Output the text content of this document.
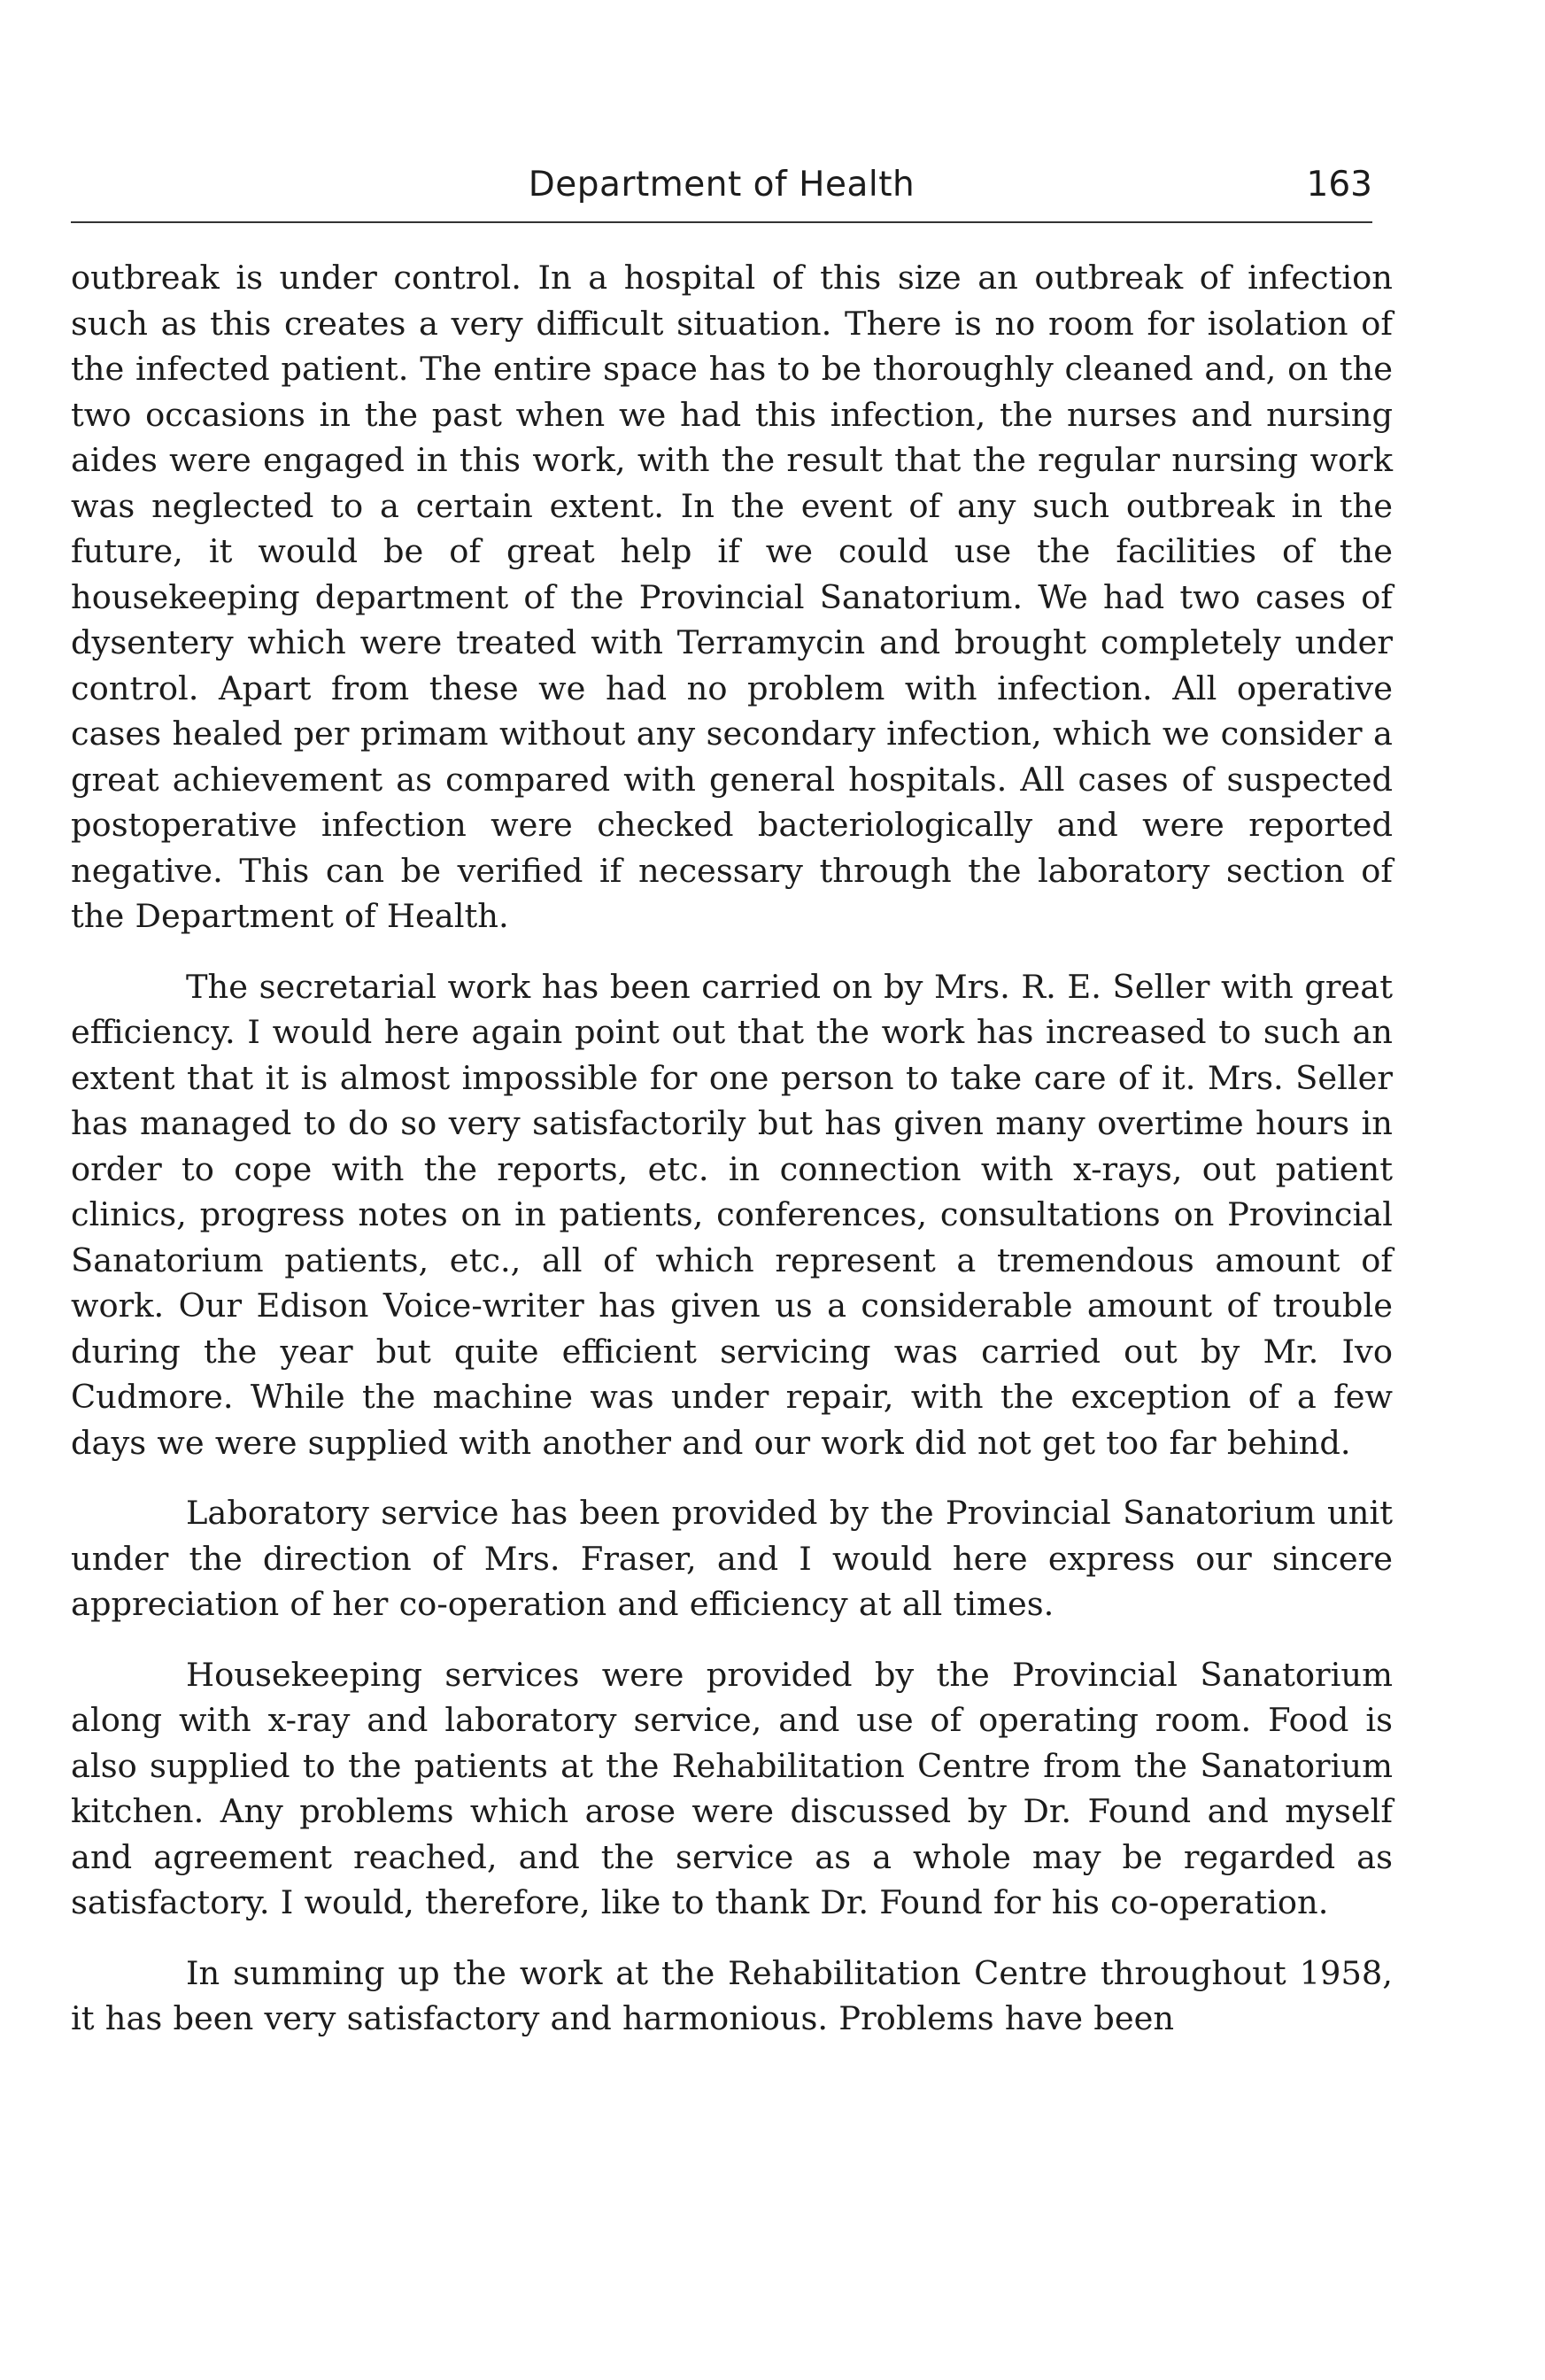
Department of Health	163

outbreak is under control. In a hospital of this size an outbreak of infection such as this creates a very difficult situation. There is no room for isolation of the infected patient. The entire space has to be thoroughly cleaned and, on the two occasions in the past when we had this infection, the nurses and nursing aides were engaged in this work, with the result that the regular nursing work was neglected to a certain extent. In the event of any such outbreak in the future, it would be of great help if we could use the facilities of the housekeeping department of the Provincial Sanatorium. We had two cases of dysentery which were treated with Terramycin and brought completely under control. Apart from these we had no problem with infection. All operative cases healed per primam without any secondary infection, which we consider a great achievement as compared with general hospitals. All cases of suspected postoperative infection were checked bacteriologically and were reported negative. This can be verified if necessary through the laboratory section of the Department of Health.

The secretarial work has been carried on by Mrs. R. E. Seller with great efficiency. I would here again point out that the work has increased to such an extent that it is almost impossible for one person to take care of it. Mrs. Seller has managed to do so very satisfactorily but has given many overtime hours in order to cope with the reports, etc. in connection with x-rays, out patient clinics, progress notes on in patients, conferences, consultations on Provincial Sanatorium patients, etc., all of which represent a tremendous amount of work. Our Edison Voice-writer has given us a considerable amount of trouble during the year but quite efficient servicing was carried out by Mr. Ivo Cudmore. While the machine was under repair, with the exception of a few days we were supplied with another and our work did not get too far behind.

Laboratory service has been provided by the Provincial Sanatorium unit under the direction of Mrs. Fraser, and I would here express our sincere appreciation of her co-operation and efficiency at all times.

Housekeeping services were provided by the Provincial Sanatorium along with x-ray and laboratory service, and use of operating room. Food is also supplied to the patients at the Rehabilitation Centre from the Sanatorium kitchen. Any problems which arose were discussed by Dr. Found and myself and agreement reached, and the service as a whole may be regarded as satisfactory. I would, therefore, like to thank Dr. Found for his co-operation.

In summing up the work at the Rehabilitation Centre throughout 1958, it has been very satisfactory and harmonious. Problems have been
